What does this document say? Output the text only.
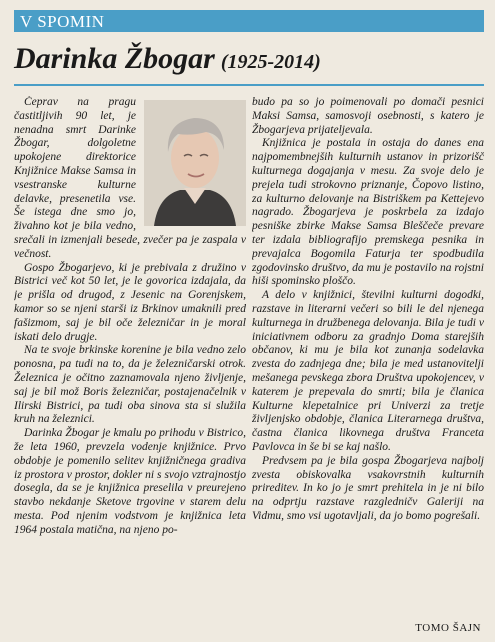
V SPOMIN
Darinka Žbogar (1925-2014)

Čeprav na pragu častitljivih 90 let, je nenadna smrt Darinke Žbogar, dolgoletne upokojene direktorice Knjižnice Makse Samsa in vsestranske kulturne delavke, presenetila vse. Še istega dne smo jo, živahno kot je bila vedno, srečali in izmenjali besede, zvečer pa je zaspala v večnost.

Gospo Žbogarjevo, ki je prebivala z družino v Bistrici več kot 50 let, je le govorica izdajala, da je prišla od drugod, z Jesenic na Gorenjskem, kamor so se njeni starši iz Brkinov umaknili pred fašizmom, saj je bil oče železničar in je moral iskati delo drugje.

Na te svoje brkinske korenine je bila vedno zelo ponosna, pa tudi na to, da je železničarski otrok. Železnica je očitno zaznamovala njeno življenje, saj je bil mož Boris železničar, postajenačelnik v Ilirski Bistrici, pa tudi oba sinova sta si služila kruh na železnici.

Darinka Žbogar je kmalu po prihodu v Bistrico, že leta 1960, prevzela vodenje knjižnice. Prvo obdobje je pomenilo selitev knjižničnega gradiva iz prostora v prostor, dokler ni s svojo vztrajnostjo dosegla, da se je knjižnica preselila v preurejeno stavbo nekdanje Sketove trgovine v starem delu mesta. Pod njenim vodstvom je knjižnica leta 1964 postala matična, na njeno po-

budo pa so jo poimenovali po domači pesnici Maksi Samsa, samosvoji osebnosti, s katero je Žbogarjeva prijateljevala.

Knjižnica je postala in ostaja do danes ena najpomembnejših kulturnih ustanov in prizorišč kulturnega dogajanja v mesu. Za svoje delo je prejela tudi strokovno priznanje, Čopovo listino, za kulturno delovanje na Bistriškem pa Kettejevo nagrado. Žbogarjeva je poskrbela za izdajo pesniške zbirke Makse Samsa Bleščeče prevare ter izdala bibliografijo premskega pesnika in prevajalca Bogomila Faturja ter spodbudila zgodovinsko društvo, da mu je postavilo na rojstni hiši spominsko ploščo.

A delo v knjižnici, številni kulturni dogodki, razstave in literarni večeri so bili le del njenega kulturnega in družbenega delovanja. Bila je tudi v iniciativnem odboru za gradnjo Doma starejših občanov, ki mu je bila kot zunanja sodelavka zvesta do zadnjega dne; bila je med ustanovitelji mešanega pevskega zbora Društva upokojencev, v katerem je prepevala do smrti; bila je članica Kulturne klepetalnice pri Univerzi za tretje življenjsko obdobje, članica Literarnega društva, častna članica likovnega društva Franceta Pavlovca in še bi se kaj našlo.

Predvsem pa je bila gospa Žbogarjeva najbolj zvesta obiskovalka vsakovrstnih kulturnih prireditev. In ko jo je smrt prehitela in je ni bilo na odprtju razstave razgledničv Galeriji na Vidmu, smo vsi ugotavljali, da jo bomo pogrešali.

TOMO ŠAJN
